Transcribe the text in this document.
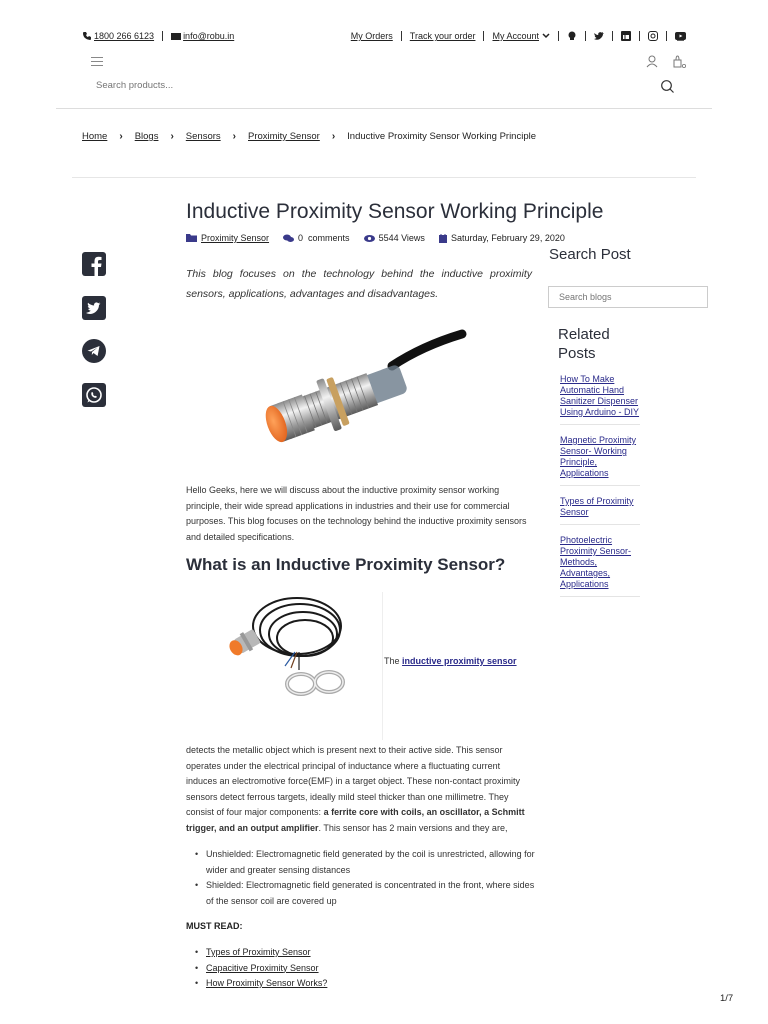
1800 266 6123	info@robu.in	My Orders Track your order My Account
Search products...
Home › Blogs › Sensors › Proximity Sensor › Inductive Proximity Sensor Working Principle
Inductive Proximity Sensor Working Principle
Proximity Sensor	0 comments	5544 Views	Saturday, February 29, 2020

This blog focuses on the technology behind the inductive proximity sensors, applications, advantages and disadvantages.

Search Post
Search blogs
Related Posts
How To Make Automatic Hand Sanitizer Dispenser Using Arduino - DIY
Magnetic Proximity Sensor- Working Principle, Applications
Types of Proximity Sensor
Photoelectric Proximity Sensor- Methods, Advantages, Applications

Hello Geeks, here we will discuss about the inductive proximity sensor working principle, their wide spread applications in industries and their use for commercial purposes. This blog focuses on the technology behind the inductive proximity sensors and detailed specifications.

What is an Inductive Proximity Sensor?
The inductive proximity sensor

detects the metallic object which is present next to their active side. This sensor operates under the electrical principal of inductance where a fluctuating current induces an electromotive force(EMF) in a target object. These non-contact proximity sensors detect ferrous targets, ideally mild steel thicker than one millimetre. They consist of four major components: a ferrite core with coils, an oscillator, a Schmitt trigger, and an output amplifier. This sensor has 2 main versions and they are,

• Unshielded: Electromagnetic field generated by the coil is unrestricted, allowing for wider and greater sensing distances
• Shielded: Electromagnetic field generated is concentrated in the front, where sides of the sensor coil are covered up
MUST READ:
• Types of Proximity Sensor
• Capacitive Proximity Sensor
• How Proximity Sensor Works?
1/7
